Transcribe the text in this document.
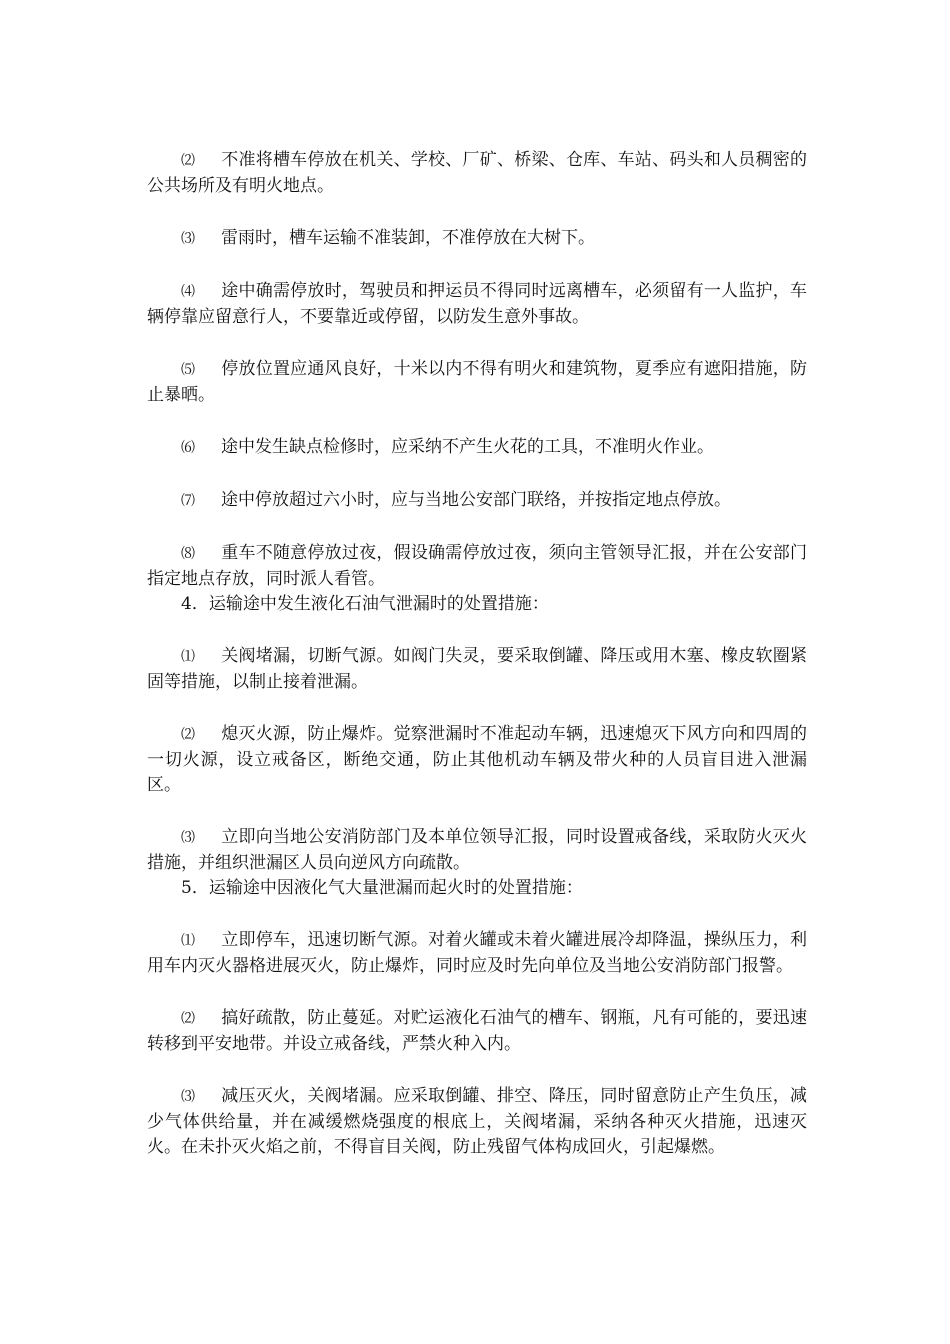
⑵ 不准将槽车停放在机关、学校、厂矿、桥梁、仓库、车站、码头和人员稠密的公共场所及有明火地点。

⑶ 雷雨时，槽车运输不准装卸，不准停放在大树下。

⑷ 途中确需停放时，驾驶员和押运员不得同时远离槽车，必须留有一人监护，车辆停靠应留意行人，不要靠近或停留，以防发生意外事故。

⑸ 停放位置应通风良好，十米以内不得有明火和建筑物，夏季应有遮阳措施，防止暴晒。

⑹ 途中发生缺点检修时，应采纳不产生火花的工具，不准明火作业。

⑺ 途中停放超过六小时，应与当地公安部门联络，并按指定地点停放。

⑻ 重车不随意停放过夜，假设确需停放过夜，须向主管领导汇报，并在公安部门指定地点存放，同时派人看管。

4．运输途中发生液化石油气泄漏时的处置措施：

⑴ 关阀堵漏，切断气源。如阀门失灵，要采取倒罐、降压或用木塞、橡皮软圈紧固等措施，以制止接着泄漏。

⑵ 熄灭火源，防止爆炸。觉察泄漏时不准起动车辆，迅速熄灭下风方向和四周的一切火源，设立戒备区，断绝交通，防止其他机动车辆及带火种的人员盲目进入泄漏区。

⑶ 立即向当地公安消防部门及本单位领导汇报，同时设置戒备线，采取防火灭火措施，并组织泄漏区人员向逆风方向疏散。

5．运输途中因液化气大量泄漏而起火时的处置措施：

⑴ 立即停车，迅速切断气源。对着火罐或未着火罐进展冷却降温，操纵压力，利用车内灭火器格进展灭火，防止爆炸，同时应及时先向单位及当地公安消防部门报警。

⑵ 搞好疏散，防止蔓延。对贮运液化石油气的槽车、钢瓶，凡有可能的，要迅速转移到平安地带。并设立戒备线，严禁火种入内。

⑶ 减压灭火，关阀堵漏。应采取倒罐、排空、降压，同时留意防止产生负压，减少气体供给量，并在减缓燃烧强度的根底上，关阀堵漏，采纳各种灭火措施，迅速灭火。在未扑灭火焰之前，不得盲目关阀，防止残留气体构成回火，引起爆燃。
